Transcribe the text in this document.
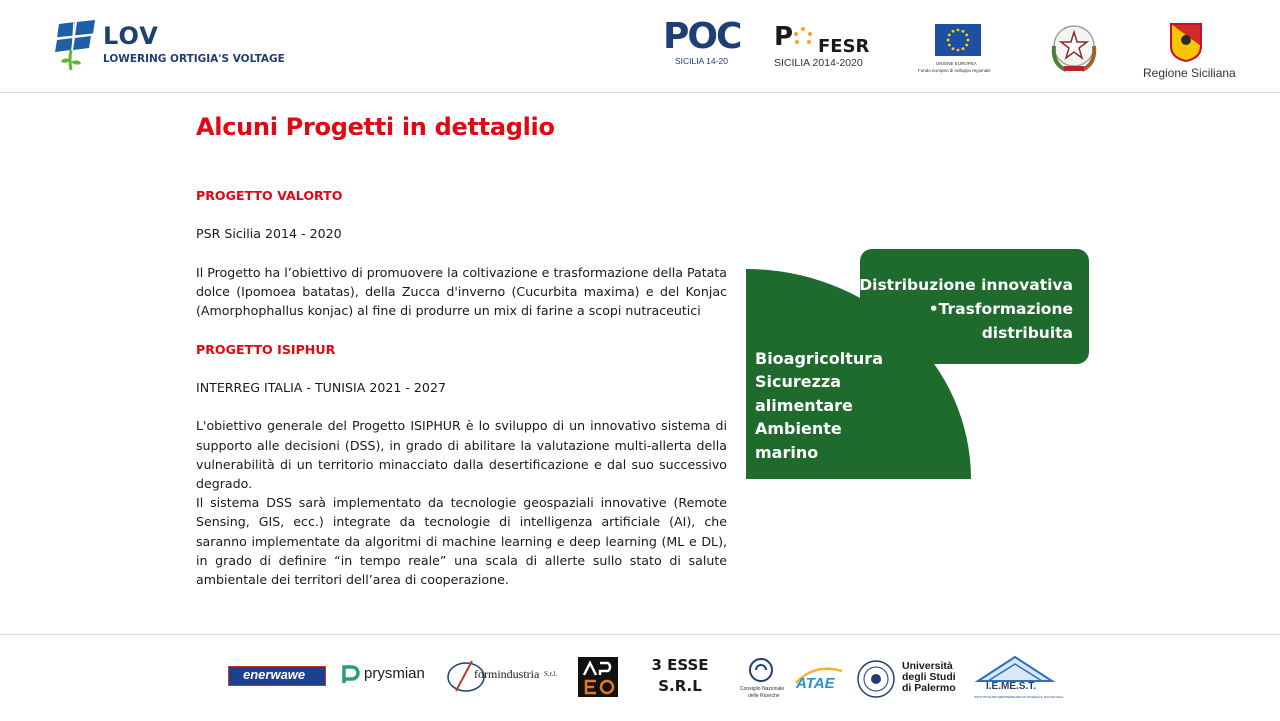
LOV
LOWERING ORTIGIA'S VOLTAGE
POC
SICILIA 14-20
P FESR
SICILIA 2014-2020	UNIONE EUROPEA
Fondo europeo di sviluppo regionale	Regione Siciliana
Alcuni Progetti in dettaglio

PROGETTO VALORTO

PSR Sicilia 2014 - 2020

Il Progetto ha l’obiettivo di promuovere la coltivazione e trasformazione della Patata dolce (Ipomoea batatas), della Zucca d'inverno (Cucurbita maxima) e del Konjac (Amorphophallus konjac) al fine di produrre un mix di farine a scopi nutraceutici

PROGETTO ISIPHUR

INTERREG ITALIA - TUNISIA 2021 - 2027

L'obiettivo generale del Progetto ISIPHUR è lo sviluppo di un innovativo sistema di supporto alle decisioni (DSS), in grado di abilitare la valutazione multi-allerta della vulnerabilità di un territorio minacciato dalla desertificazione e dal suo successivo degrado.

Il sistema DSS sarà implementato da tecnologie geospaziali innovative (Remote Sensing, GIS, ecc.) integrate da tecnologie di intelligenza artificiale (AI), che saranno implementate da algoritmi di machine learning e deep learning (ML e DL), in grado di definire “in tempo reale” una scala di allerte sullo stato di salute ambientale dei territori dell’area di cooperazione.

•Distribuzione innovativa
•Trasformazione
distribuita
Bioagricoltura
Sicurezza
alimentare
Ambiente
marino
enerwawe	prysmian	formindustria S.r.l.	3 ESSE
S.R.L	Consiglio Nazionale
delle Ricerche
ATAE
Università
degli Studi
di Palermo	I.E.ME.S.T.
ISTITUTO EURO-MEDITERRANEO DI SCIENZA E TECNOLOGIA
